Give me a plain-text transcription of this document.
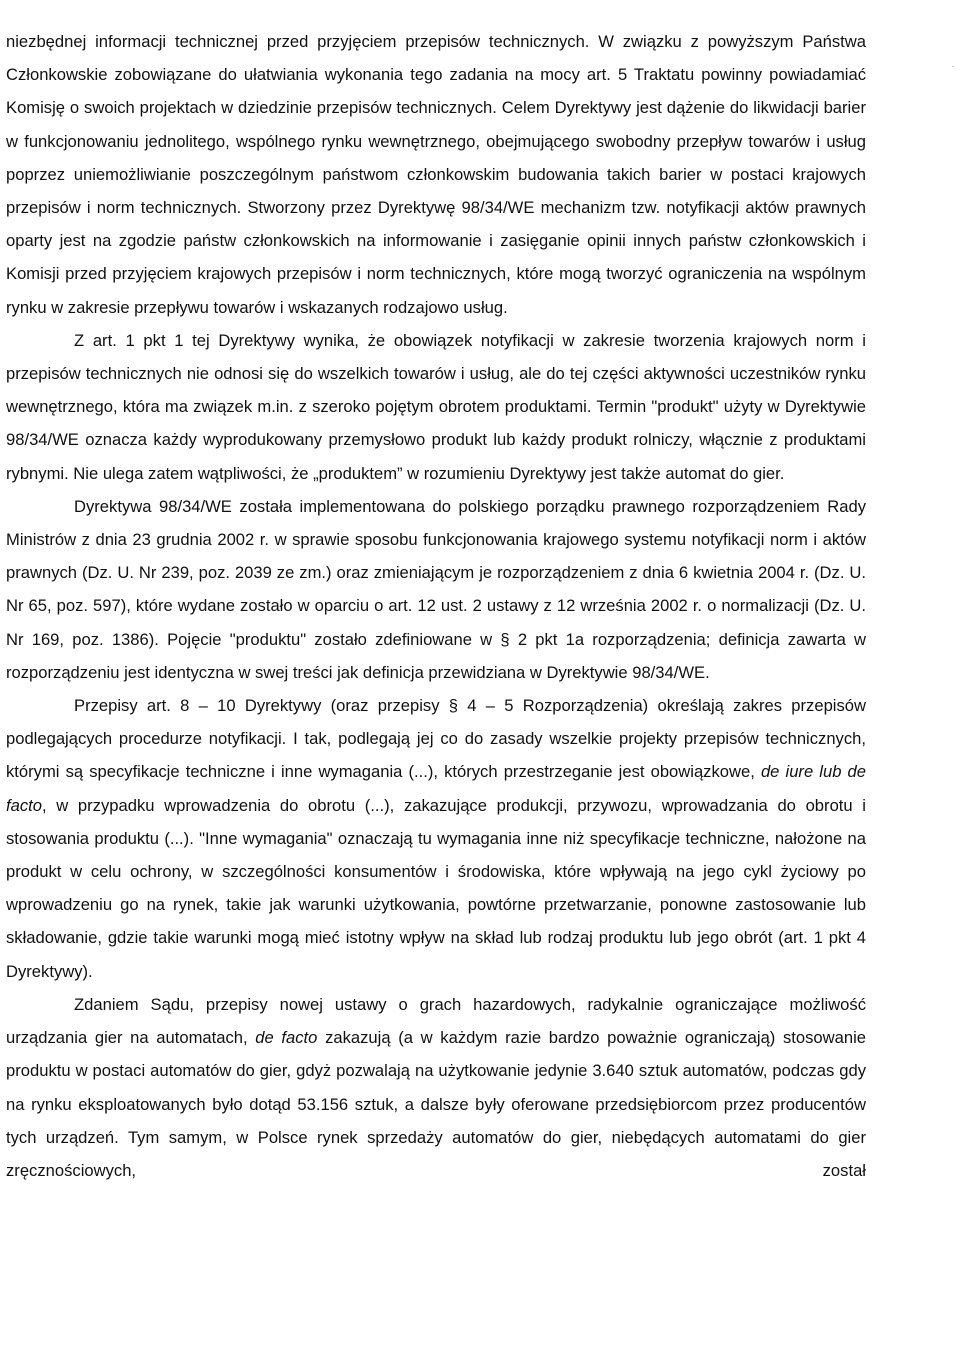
niezbędnej informacji technicznej przed przyjęciem przepisów technicznych. W związku z powyższym Państwa Członkowskie zobowiązane do ułatwiania wykonania tego zadania na mocy art. 5 Traktatu powinny powiadamiać Komisję o swoich projektach w dziedzinie przepisów technicznych. Celem Dyrektywy jest dążenie do likwidacji barier w funkcjonowaniu jednolitego, wspólnego rynku wewnętrznego, obejmującego swobodny przepływ towarów i usług poprzez uniemożliwianie poszczególnym państwom członkowskim budowania takich barier w postaci krajowych przepisów i norm technicznych. Stworzony przez Dyrektywę 98/34/WE mechanizm tzw. notyfikacji aktów prawnych oparty jest na zgodzie państw członkowskich na informowanie i zasięganie opinii innych państw członkowskich i Komisji przed przyjęciem krajowych przepisów i norm technicznych, które mogą tworzyć ograniczenia na wspólnym rynku w zakresie przepływu towarów i wskazanych rodzajowo usług.

Z art. 1 pkt 1 tej Dyrektywy wynika, że obowiązek notyfikacji w zakresie tworzenia krajowych norm i przepisów technicznych nie odnosi się do wszelkich towarów i usług, ale do tej części aktywności uczestników rynku wewnętrznego, która ma związek m.in. z szeroko pojętym obrotem produktami. Termin "produkt" użyty w Dyrektywie 98/34/WE oznacza każdy wyprodukowany przemysłowo produkt lub każdy produkt rolniczy, włącznie z produktami rybnymi. Nie ulega zatem wątpliwości, że „produktem” w rozumieniu Dyrektywy jest także automat do gier.

Dyrektywa 98/34/WE została implementowana do polskiego porządku prawnego rozporządzeniem Rady Ministrów z dnia 23 grudnia 2002 r. w sprawie sposobu funkcjonowania krajowego systemu notyfikacji norm i aktów prawnych (Dz. U. Nr 239, poz. 2039 ze zm.) oraz zmieniającym je rozporządzeniem z dnia 6 kwietnia 2004 r. (Dz. U. Nr 65, poz. 597), które wydane zostało w oparciu o art. 12 ust. 2 ustawy z 12 września 2002 r. o normalizacji (Dz. U. Nr 169, poz. 1386). Pojęcie "produktu" zostało zdefiniowane w § 2 pkt 1a rozporządzenia; definicja zawarta w rozporządzeniu jest identyczna w swej treści jak definicja przewidziana w Dyrektywie 98/34/WE.

Przepisy art. 8 – 10 Dyrektywy (oraz przepisy § 4 – 5 Rozporządzenia) określają zakres przepisów podlegających procedurze notyfikacji. I tak, podlegają jej co do zasady wszelkie projekty przepisów technicznych, którymi są specyfikacje techniczne i inne wymagania (...), których przestrzeganie jest obowiązkowe, de iure lub de facto, w przypadku wprowadzenia do obrotu (...), zakazujące produkcji, przywozu, wprowadzania do obrotu i stosowania produktu (...). "Inne wymagania" oznaczają tu wymagania inne niż specyfikacje techniczne, nałożone na produkt w celu ochrony, w szczególności konsumentów i środowiska, które wpływają na jego cykl życiowy po wprowadzeniu go na rynek, takie jak warunki użytkowania, powtórne przetwarzanie, ponowne zastosowanie lub składowanie, gdzie takie warunki mogą mieć istotny wpływ na skład lub rodzaj produktu lub jego obrót (art. 1 pkt 4 Dyrektywy).

Zdaniem Sądu, przepisy nowej ustawy o grach hazardowych, radykalnie ograniczające możliwość urządzania gier na automatach, de facto zakazują (a w każdym razie bardzo poważnie ograniczają) stosowanie produktu w postaci automatów do gier, gdyż pozwalają na użytkowanie jedynie 3.640 sztuk automatów, podczas gdy na rynku eksploatowanych było dotąd 53.156 sztuk, a dalsze były oferowane przedsiębiorcom przez producentów tych urządzeń. Tym samym, w Polsce rynek sprzedaży automatów do gier, niebędących automatami do gier zręcznościowych, został
